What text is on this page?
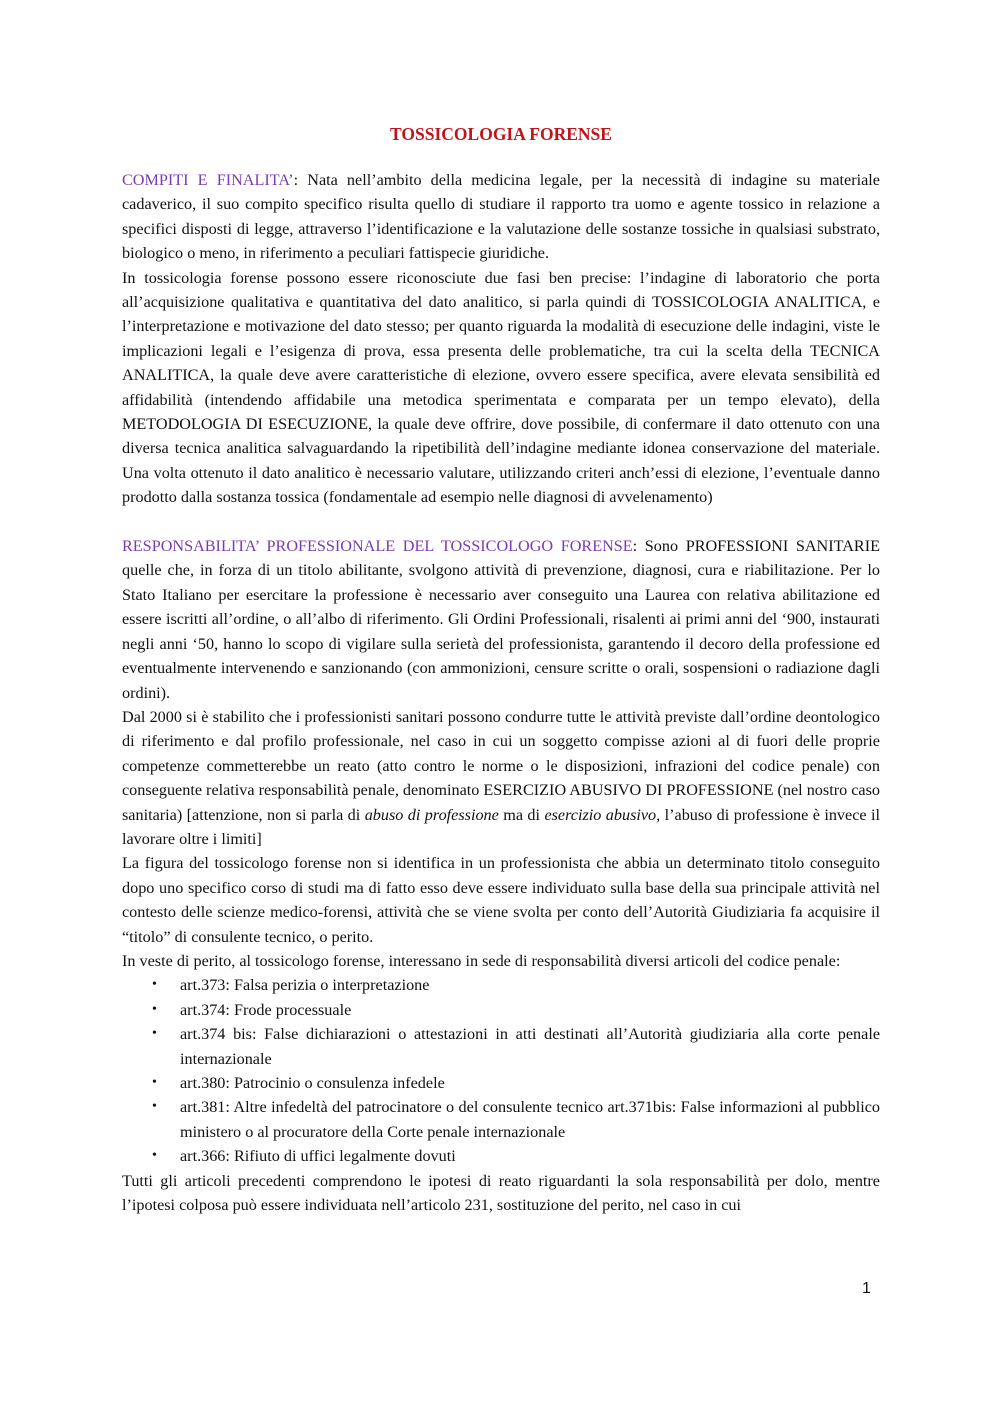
TOSSICOLOGIA FORENSE

COMPITI E FINALITA’: Nata nell’ambito della medicina legale, per la necessità di indagine su materiale cadaverico, il suo compito specifico risulta quello di studiare il rapporto tra uomo e agente tossico in relazione a specifici disposti di legge, attraverso l’identificazione e la valutazione delle sostanze tossiche in qualsiasi substrato, biologico o meno, in riferimento a peculiari fattispecie giuridiche.

In tossicologia forense possono essere riconosciute due fasi ben precise: l’indagine di laboratorio che porta all’acquisizione qualitativa e quantitativa del dato analitico, si parla quindi di TOSSICOLOGIA ANALITICA, e l’interpretazione e motivazione del dato stesso; per quanto riguarda la modalità di esecuzione delle indagini, viste le implicazioni legali e l’esigenza di prova, essa presenta delle problematiche, tra cui la scelta della TECNICA ANALITICA, la quale deve avere caratteristiche di elezione, ovvero essere specifica, avere elevata sensibilità ed affidabilità (intendendo affidabile una metodica sperimentata e comparata per un tempo elevato), della METODOLOGIA DI ESECUZIONE, la quale deve offrire, dove possibile, di confermare il dato ottenuto con una diversa tecnica analitica salvaguardando la ripetibilità dell’indagine mediante idonea conservazione del materiale. Una volta ottenuto il dato analitico è necessario valutare, utilizzando criteri anch’essi di elezione, l’eventuale danno prodotto dalla sostanza tossica (fondamentale ad esempio nelle diagnosi di avvelenamento)

RESPONSABILITA’ PROFESSIONALE DEL TOSSICOLOGO FORENSE: Sono PROFESSIONI SANITARIE quelle che, in forza di un titolo abilitante, svolgono attività di prevenzione, diagnosi, cura e riabilitazione. Per lo Stato Italiano per esercitare la professione è necessario aver conseguito una Laurea con relativa abilitazione ed essere iscritti all’ordine, o all’albo di riferimento. Gli Ordini Professionali, risalenti ai primi anni del ‘900, instaurati negli anni ‘50, hanno lo scopo di vigilare sulla serietà del professionista, garantendo il decoro della professione ed eventualmente intervenendo e sanzionando (con ammonizioni, censure scritte o orali, sospensioni o radiazione dagli ordini).

Dal 2000 si è stabilito che i professionisti sanitari possono condurre tutte le attività previste dall’ordine deontologico di riferimento e dal profilo professionale, nel caso in cui un soggetto compisse azioni al di fuori delle proprie competenze commetterebbe un reato (atto contro le norme o le disposizioni, infrazioni del codice penale) con conseguente relativa responsabilità penale, denominato ESERCIZIO ABUSIVO DI PROFESSIONE (nel nostro caso sanitaria) [attenzione, non si parla di abuso di professione ma di esercizio abusivo, l’abuso di professione è invece il lavorare oltre i limiti]

La figura del tossicologo forense non si identifica in un professionista che abbia un determinato titolo conseguito dopo uno specifico corso di studi ma di fatto esso deve essere individuato sulla base della sua principale attività nel contesto delle scienze medico-forensi, attività che se viene svolta per conto dell’Autorità Giudiziaria fa acquisire il “titolo” di consulente tecnico, o perito.

In veste di perito, al tossicologo forense, interessano in sede di responsabilità diversi articoli del codice penale:

• art.373: Falsa perizia o interpretazione
• art.374: Frode processuale
• art.374 bis: False dichiarazioni o attestazioni in atti destinati all’Autorità giudiziaria alla corte penale internazionale
• art.380: Patrocinio o consulenza infedele
• art.381: Altre infedeltà del patrocinatore o del consulente tecnico art.371bis: False informazioni al pubblico ministero o al procuratore della Corte penale internazionale
• art.366: Rifiuto di uffici legalmente dovuti

Tutti gli articoli precedenti comprendono le ipotesi di reato riguardanti la sola responsabilità per dolo, mentre l’ipotesi colposa può essere individuata nell’articolo 231, sostituzione del perito, nel caso in cui

1
